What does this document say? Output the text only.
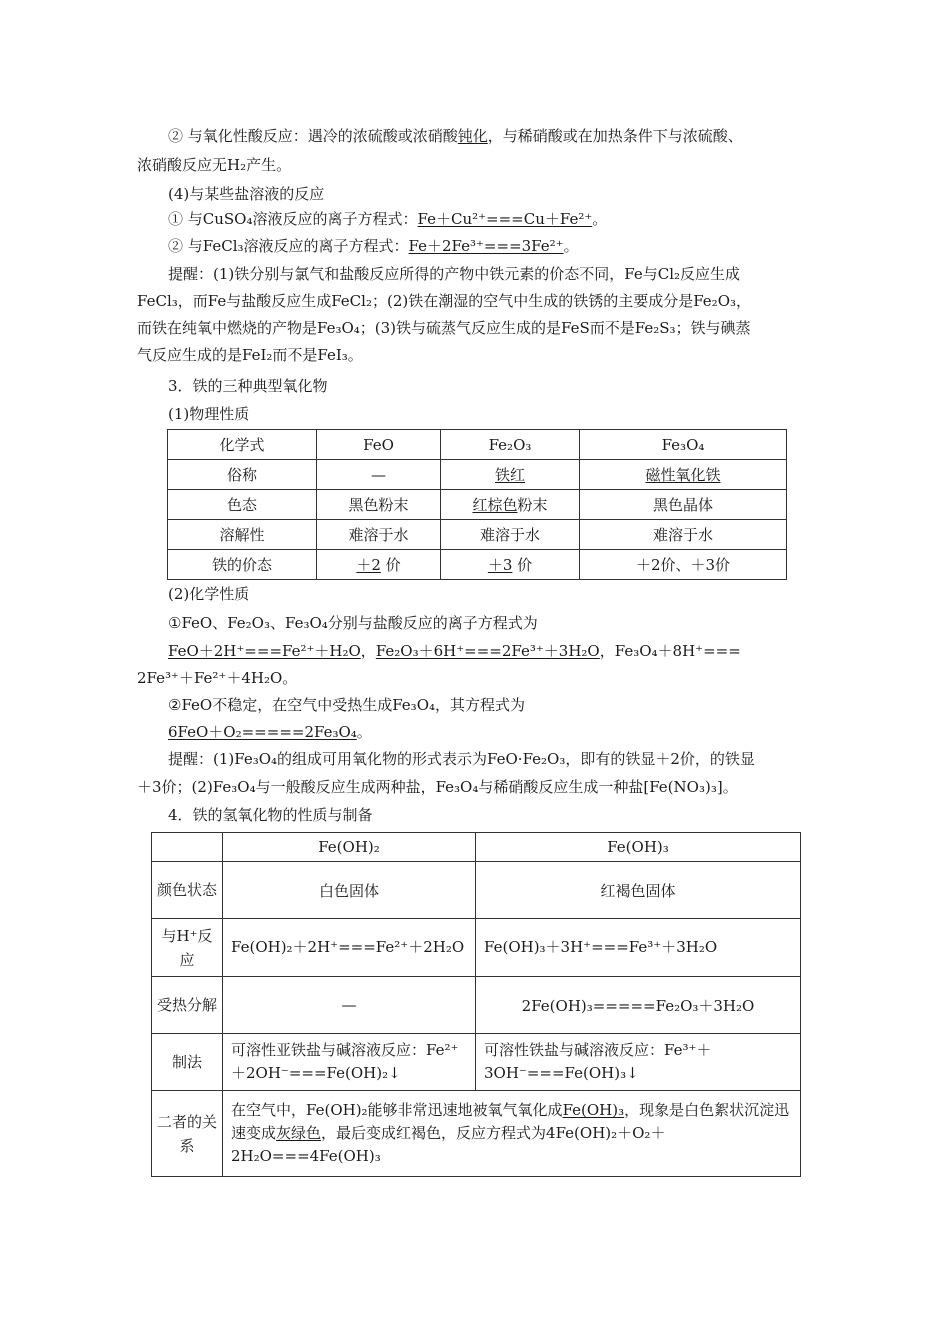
② 与氧化性酸反应：遇冷的浓硫酸或浓硝酸钝化，与稀硝酸或在加热条件下与浓硫酸、
浓硝酸反应无H₂产生。
(4)与某些盐溶液的反应
① 与CuSO₄溶液反应的离子方程式：Fe＋Cu²⁺===Cu＋Fe²⁺。
② 与FeCl₃溶液反应的离子方程式：Fe＋2Fe³⁺===3Fe²⁺。
提醒：(1)铁分别与氯气和盐酸反应所得的产物中铁元素的价态不同，Fe与Cl₂反应生成
FeCl₃，而Fe与盐酸反应生成FeCl₂；(2)铁在潮湿的空气中生成的铁锈的主要成分是Fe₂O₃，
而铁在纯氧中燃烧的产物是Fe₃O₄；(3)铁与硫蒸气反应生成的是FeS而不是Fe₂S₃；铁与碘蒸
气反应生成的是FeI₂而不是FeI₃。
3．铁的三种典型氧化物
(1)物理性质
化学式	FeO	Fe₂O₃	Fe₃O₄
俗称	—	铁红	磁性氧化铁
色态	黑色粉末	红棕色粉末	黑色晶体
溶解性	难溶于水	难溶于水	难溶于水
铁的价态	＋2 价	＋3 价	＋2价、＋3价
(2)化学性质
①FeO、Fe₂O₃、Fe₃O₄分别与盐酸反应的离子方程式为
FeO＋2H⁺===Fe²⁺＋H₂O，Fe₂O₃＋6H⁺===2Fe³⁺＋3H₂O，Fe₃O₄＋8H⁺===
2Fe³⁺＋Fe²⁺＋4H₂O。
②FeO不稳定，在空气中受热生成Fe₃O₄，其方程式为
6FeO＋O₂=====2Fe₃O₄。
提醒：(1)Fe₃O₄的组成可用氧化物的形式表示为FeO·Fe₂O₃，即有的铁显＋2价，的铁显
＋3价；(2)Fe₃O₄与一般酸反应生成两种盐，Fe₃O₄与稀硝酸反应生成一种盐[Fe(NO₃)₃]。
4．铁的氢氧化物的性质与制备
	Fe(OH)₂	Fe(OH)₃
颜色状态	白色固体	红褐色固体
与H⁺反应	Fe(OH)₂＋2H⁺===Fe²⁺＋2H₂O	Fe(OH)₃＋3H⁺===Fe³⁺＋3H₂O
受热分解	—	2Fe(OH)₃=====Fe₂O₃＋3H₂O
制法	可溶性亚铁盐与碱溶液反应：Fe²⁺＋2OH⁻===Fe(OH)₂↓	可溶性铁盐与碱溶液反应：Fe³⁺＋3OH⁻===Fe(OH)₃↓
二者的关系	在空气中，Fe(OH)₂能够非常迅速地被氧气氧化成Fe(OH)₃，现象是白色絮状沉淀迅速变成灰绿色，最后变成红褐色，反应方程式为4Fe(OH)₂＋O₂＋2H₂O===4Fe(OH)₃	
